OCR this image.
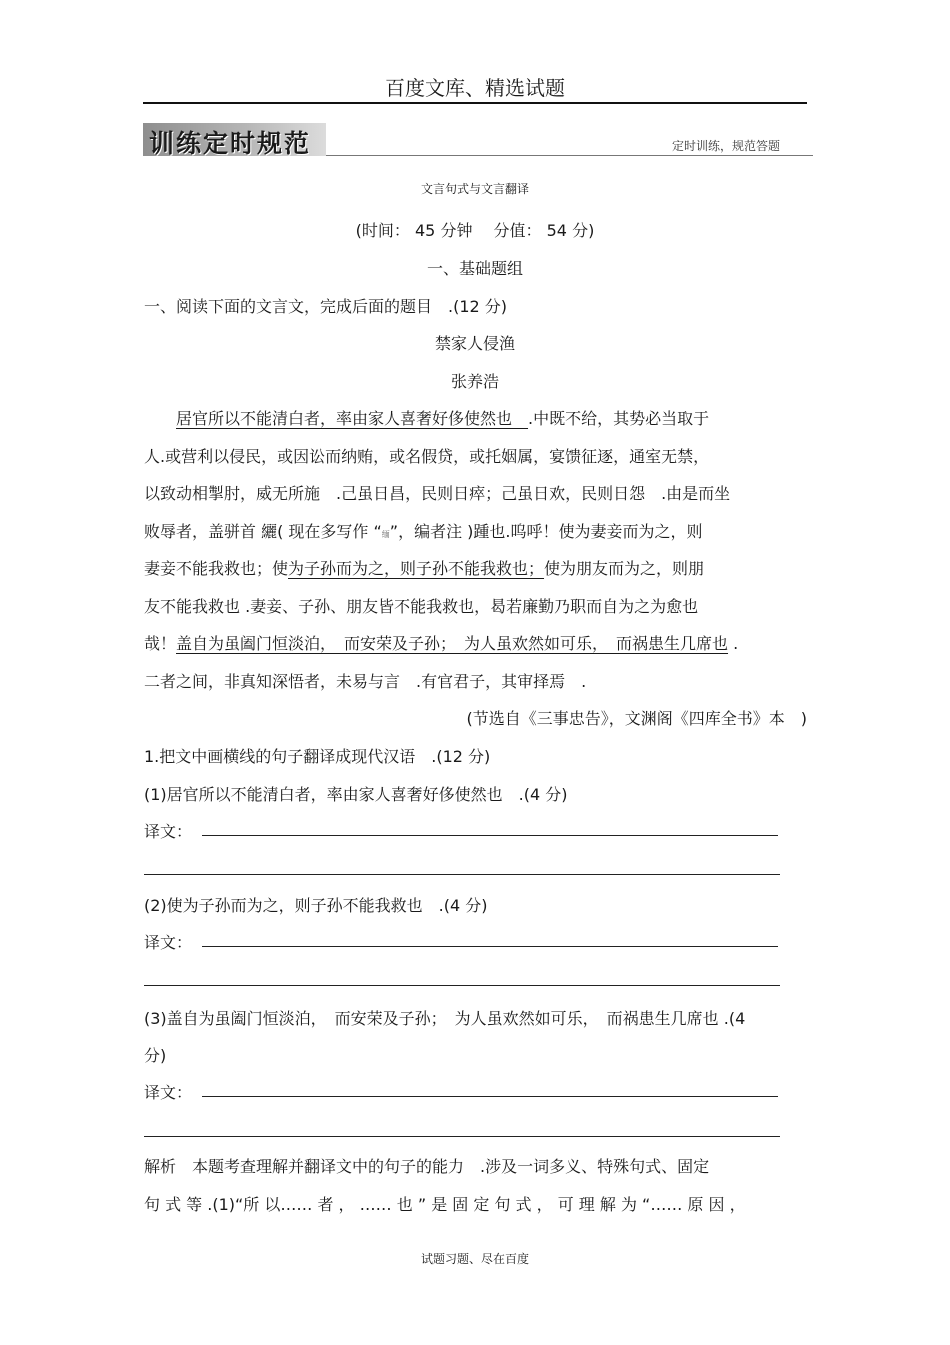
百度文库、精选试题
训练定时规范	定时训练，规范答题
文言句式与文言翻译
(时间： 45 分钟　 分值： 54 分)
一、基础题组
一、阅读下面的文言文，完成后面的题目　.(12 分)
禁家人侵渔
张养浩
　　居官所以不能清白者，率由家人喜奢好侈使然也　.中既不给，其势必当取于
人.或营利以侵民，或因讼而纳贿，或名假贷，或托姻属，宴馈征逐，通室无禁，
以致动相掣肘，威无所施　.己虽日昌，民则日瘁；己虽日欢，民则日怨　.由是而坐
败辱者，盖骈首 纚( 现在多写作 “缅”，编者注 )踵也.呜呼！使为妻妾而为之，则
妻妾不能我救也；使为子孙而为之，则子孙不能我救也；使为朋友而为之，则朋
友不能我救也 .妻妾、子孙、朋友皆不能我救也，曷若廉勤乃职而自为之为愈也
哉！盖自为虽阖门恒淡泊，　而安荣及子孙；　为人虽欢然如可乐，　而祸患生几席也 .
二者之间，非真知深悟者，未易与言　.有官君子，其审择焉　.
(节选自《三事忠告》，文渊阁《四库全书》本　)
1.把文中画横线的句子翻译成现代汉语　.(12 分)
(1)居官所以不能清白者，率由家人喜奢好侈使然也　.(4 分)
译文：
(2)使为子孙而为之，则子孙不能我救也　.(4 分)
译文：
(3)盖自为虽阖门恒淡泊，　而安荣及子孙；　为人虽欢然如可乐，　而祸患生几席也 .(4
分)
译文：
解析　本题考查理解并翻译文中的句子的能力　.涉及一词多义、特殊句式、固定
句 式 等 .(1)“所 以…… 者 ， …… 也 ” 是 固 定 句 式 ， 可 理 解 为 “…… 原 因 ，
试题习题、尽在百度
